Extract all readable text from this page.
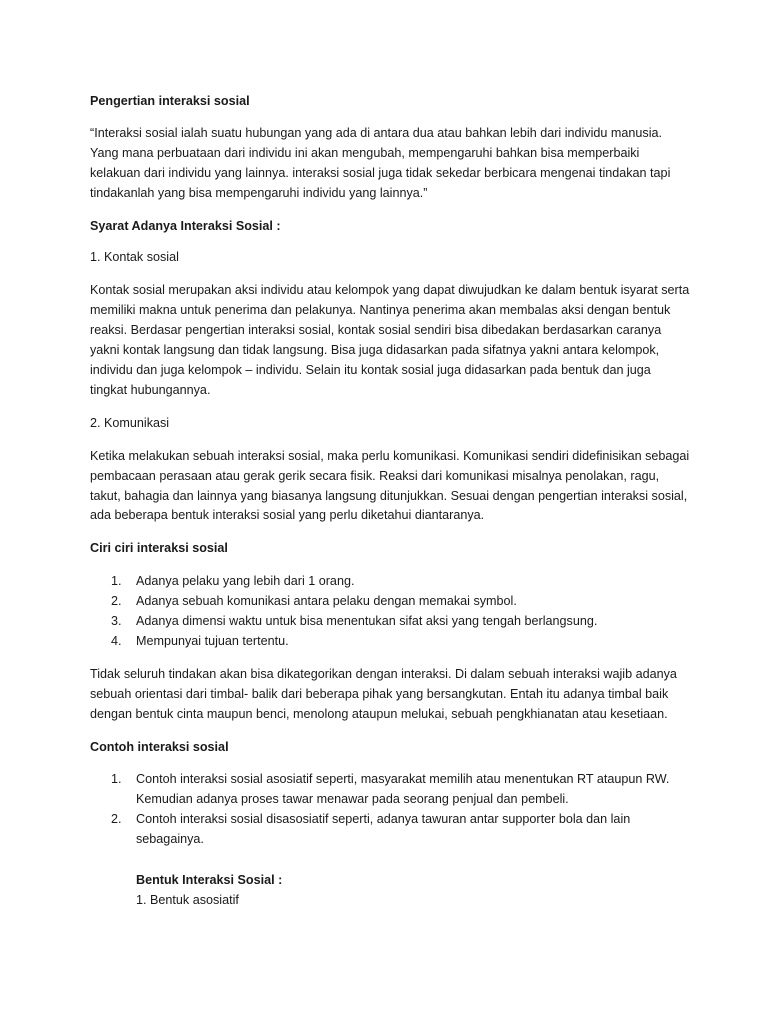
Pengertian interaksi sosial

“Interaksi sosial ialah suatu hubungan yang ada di antara dua atau bahkan lebih dari individu manusia. Yang mana perbuataan dari individu ini akan mengubah, mempengaruhi bahkan bisa memperbaiki kelakuan dari individu yang lainnya. interaksi sosial juga tidak sekedar berbicara mengenai tindakan tapi tindakanlah yang bisa mempengaruhi individu yang lainnya.”

Syarat Adanya Interaksi Sosial :

1. Kontak sosial

Kontak sosial merupakan aksi individu atau kelompok yang dapat diwujudkan ke dalam bentuk isyarat serta memiliki makna untuk penerima dan pelakunya. Nantinya penerima akan membalas aksi dengan bentuk reaksi. Berdasar pengertian interaksi sosial, kontak sosial sendiri bisa dibedakan berdasarkan caranya yakni kontak langsung dan tidak langsung. Bisa juga didasarkan pada sifatnya yakni antara kelompok, individu dan juga kelompok – individu. Selain itu kontak sosial juga didasarkan pada bentuk dan juga tingkat hubungannya.

2. Komunikasi

Ketika melakukan sebuah interaksi sosial, maka perlu komunikasi. Komunikasi sendiri didefinisikan sebagai pembacaan perasaan atau gerak gerik secara fisik. Reaksi dari komunikasi misalnya penolakan, ragu, takut, bahagia dan lainnya yang biasanya langsung ditunjukkan. Sesuai dengan pengertian interaksi sosial, ada beberapa bentuk interaksi sosial yang perlu diketahui diantaranya.

Ciri ciri interaksi sosial

1. Adanya pelaku yang lebih dari 1 orang.
2. Adanya sebuah komunikasi antara pelaku dengan memakai symbol.
3. Adanya dimensi waktu untuk bisa menentukan sifat aksi yang tengah berlangsung.
4. Mempunyai tujuan tertentu.

Tidak seluruh tindakan akan bisa dikategorikan dengan interaksi. Di dalam sebuah interaksi wajib adanya sebuah orientasi dari timbal- balik dari beberapa pihak yang bersangkutan. Entah itu adanya timbal baik dengan bentuk cinta maupun benci, menolong ataupun melukai, sebuah pengkhianatan atau kesetiaan.

Contoh interaksi sosial

1. Contoh interaksi sosial asosiatif seperti, masyarakat memilih atau menentukan RT ataupun RW. Kemudian adanya proses tawar menawar pada seorang penjual dan pembeli.
2. Contoh interaksi sosial disasosiatif seperti, adanya tawuran antar supporter bola dan lain sebagainya.

Bentuk Interaksi Sosial :

1. Bentuk asosiatif
